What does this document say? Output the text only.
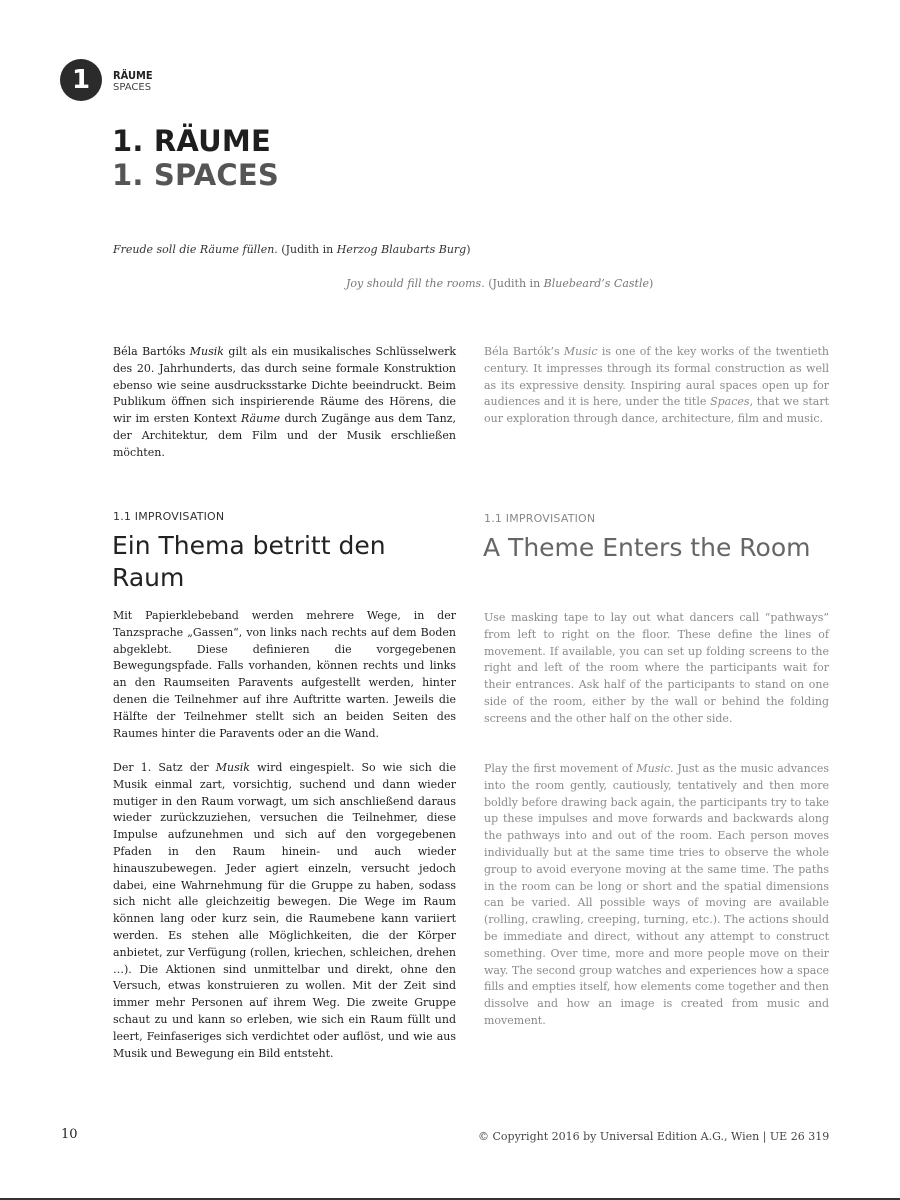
1	RÄUME
SPACES
1. RÄUME
1. SPACES
Freude soll die Räume füllen. (Judith in Herzog Blaubarts Burg)
Joy should fill the rooms. (Judith in Bluebeard’s Castle)

Béla Bartóks Musik gilt als ein musikalisches Schlüsselwerk des 20. Jahrhunderts, das durch seine formale Konstruktion ebenso wie seine ausdrucksstarke Dichte beeindruckt. Beim Publikum öffnen sich inspirierende Räume des Hörens, die wir im ersten Kontext Räume durch Zugänge aus dem Tanz, der Architektur, dem Film und der Musik erschließen möchten.

Béla Bartók’s Music is one of the key works of the twentieth century. It impresses through its formal construction as well as its expressive density. Inspiring aural spaces open up for audiences and it is here, under the title Spaces, that we start our exploration through dance, architecture, film and music.

1.1 IMPROVISATION	1.1 IMPROVISATION
Ein Thema betritt den Raum
A Theme Enters the Room

Mit Papierklebeband werden mehrere Wege, in der Tanzsprache „Gassen“, von links nach rechts auf dem Boden abgeklebt. Diese definieren die vorgegebenen Bewegungspfade. Falls vorhanden, können rechts und links an den Raumseiten Paravents aufgestellt werden, hinter denen die Teilnehmer auf ihre Auftritte warten. Jeweils die Hälfte der Teilnehmer stellt sich an beiden Seiten des Raumes hinter die Paravents oder an die Wand.

Use masking tape to lay out what dancers call “pathways” from left to right on the floor. These define the lines of movement. If available, you can set up folding screens to the right and left of the room where the participants wait for their entrances. Ask half of the participants to stand on one side of the room, either by the wall or behind the folding screens and the other half on the other side.

Der 1. Satz der Musik wird eingespielt. So wie sich die Musik einmal zart, vorsichtig, suchend und dann wieder mutiger in den Raum vorwagt, um sich anschließend daraus wieder zurückzuziehen, versuchen die Teilnehmer, diese Impulse aufzunehmen und sich auf den vorgegebenen Pfaden in den Raum hinein- und auch wieder hinauszubewegen. Jeder agiert einzeln, versucht jedoch dabei, eine Wahrnehmung für die Gruppe zu haben, sodass sich nicht alle gleichzeitig bewegen. Die Wege im Raum können lang oder kurz sein, die Raumebene kann variiert werden. Es stehen alle Möglichkeiten, die der Körper anbietet, zur Verfügung (rollen, kriechen, schleichen, drehen …). Die Aktionen sind unmittelbar und direkt, ohne den Versuch, etwas konstruieren zu wollen. Mit der Zeit sind immer mehr Personen auf ihrem Weg. Die zweite Gruppe schaut zu und kann so erleben, wie sich ein Raum füllt und leert, Feinfaseriges sich verdichtet oder auflöst, und wie aus Musik und Bewegung ein Bild entsteht.

Play the first movement of Music. Just as the music advances into the room gently, cautiously, tentatively and then more boldly before drawing back again, the participants try to take up these impulses and move forwards and backwards along the pathways into and out of the room. Each person moves individually but at the same time tries to observe the whole group to avoid everyone moving at the same time. The paths in the room can be long or short and the spatial dimensions can be varied. All possible ways of moving are available (rolling, crawling, creeping, turning, etc.). The actions should be immediate and direct, without any attempt to construct something. Over time, more and more people move on their way. The second group watches and experiences how a space fills and empties itself, how elements come together and then dissolve and how an image is created from music and movement.

10	© Copyright 2016 by Universal Edition A.G., Wien | UE 26 319
